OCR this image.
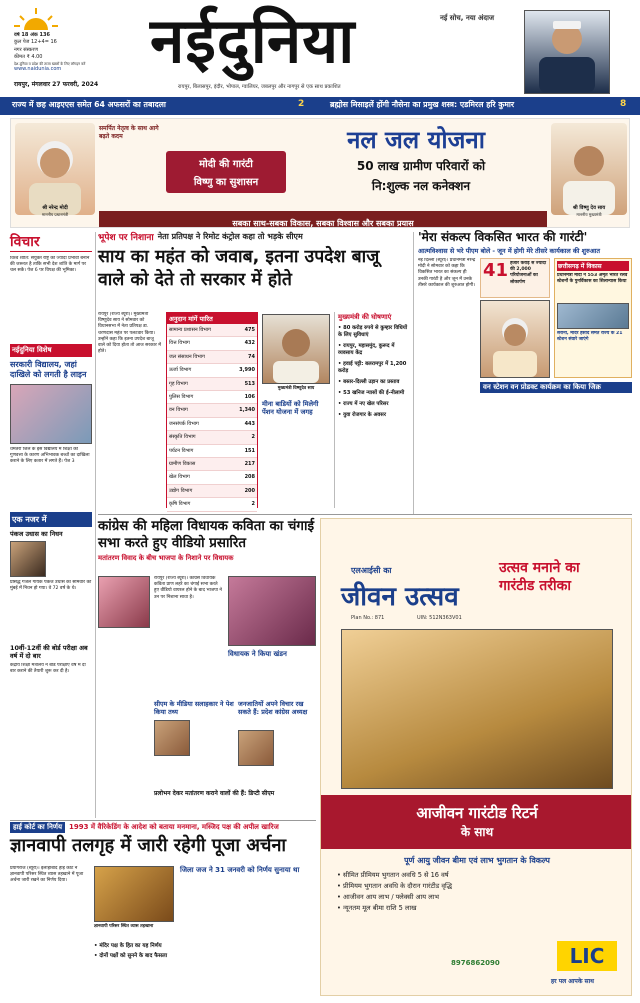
वर्ष 18 अंक 136
कुल पेज 12+4= 16
नगर संस्करण
कीमत ₹ 4.00
देश-दुनिया व प्रदेश की ताजा खबरों के लिए लॉगइन करें
www.naidunia.com
रायपुर, मंगलवार 27 फरवरी, 2024
नईदुनिया	नई सोच, नया अंदाज
रायपुर, बिलासपुर, इंदौर, भोपाल, ग्वालियर, जबलपुर और नागपुर से एक साथ प्रकाशित
राज्य में छह आइएएस समेत 64 अफसरों का तबादला	2	ब्रह्मोस मिसाइलें होंगी नौसेना का प्रमुख शस्त्र: एडमिरल हरि कुमार	8
समर्पित नेतृत्व के साथ आगे बढ़ते कदम
मोदी की गारंटी
विष्णु का सुशासन
नल जल योजना
50 लाख ग्रामीण परिवारों को
नि:शुल्क नल कनेक्शन
श्री नरेन्द्र मोदी
माननीय प्रधानमंत्री
श्री विष्णु देव साय
माननीय मुख्यमंत्री
सबका साथ-सबका विकास, सबका विश्वास और सबका प्रयास
विचार
विश्व शांति: संयुक्त राष्ट्र को ज्यादा प्रभावी बनाने की जरूरत है ताकि सभी देश शांति के मार्ग पर चल सकें। पेज 6 पर विपक्ष की भूमिका।
नईदुनिया विशेष
सरकारी विद्यालय, जहां दाखिले को लगती है लाइन
धमतरी जिले के इस विद्यालय में शिक्षा की गुणवत्ता के कारण अभिभावक बच्चों का दाखिला कराने के लिए कतार में लगते हैं। पेज 3
एक नजर में
पंकज उधास का निधन
प्रसिद्ध गजल गायक पंकज उधास का सोमवार को मुंबई में निधन हो गया। वे 72 वर्ष के थे।
10वीं-12वीं की बोर्ड परीक्षा अब वर्ष में दो बार
केंद्रीय शिक्षा मंत्रालय ने बोर्ड परीक्षाएं वर्ष में दो बार कराने की तैयारी शुरू कर दी है।
भूपेश पर निशाना नेता प्रतिपक्ष ने रिमोट कंट्रोल कहा तो भड़के सीएम
साय का महंत को जवाब, इतना उपदेश बाजू वाले को देते तो सरकार में होते
रायपुर (राज्य ब्यूरो)। मुख्यमंत्री विष्णुदेव साय ने सोमवार को विधानसभा में नेता प्रतिपक्ष डा. चरणदास महंत पर पलटवार किया। उन्होंने कहा कि इतना उपदेश बाजू वाले को दिया होता तो आज सरकार में होते।
अनुदान मांगें पारित
सामान्य प्रशासन विभाग	475
वित्त विभाग	432
जल संसाधन विभाग	74
ऊर्जा विभाग	3,990
गृह विभाग	513
पुलिस विभाग	106
वन विभाग	1,340
जनसंपर्क विभाग	443
संस्कृति विभाग	2
पर्यटन विभाग	151
ग्रामीण विकास	217
खेल विभाग	208
उद्योग विभाग	200
कृषि विभाग	2
मुख्यमंत्री विष्णुदेव साय
मीना बाडियों को मिलेगी पेंशन योजना में जगह
मुख्यमंत्री की घोषणाएं
• 80 करोड़ रुपये से कुम्हार विधियों के लिए सुविधाएं
• रायपुर, महासमुंद, कुरूद में व्यवसाय केंद्र
• हवाई पट्टी: बलरामपुर में 1,200 करोड़
• बस्तर-दिल्ली उड़ान का प्रस्ताव
• 53 खनिज न्यासों की ई-नीलामी
• राज्य में नए खेल परिसर
• युवा रोजगार के अवसर
'मेरा संकल्प विकसित भारत की गारंटी'
आत्मविश्वास से भरे पीएम बोले - जून में होगी मेरे तीसरे कार्यकाल की शुरुआत
नई दिल्ली (ब्यूरो)। प्रधानमंत्री नरेन्द्र मोदी ने सोमवार को कहा कि विकसित भारत का संकल्प ही उनकी गारंटी है और जून में उनके तीसरे कार्यकाल की शुरुआत होगी।
41 हजार करोड़ से ज्यादा की 2,000 परियोजनाओं का लोकार्पण
छत्तीसगढ़ में विकास
प्रधानमंत्री मोदी ने 553 अमृत भारत रेलवे स्टेशनों के पुनर्विकास का शिलान्यास किया
सरोना, मंदिर हसौद समेत राज्य के 21 स्टेशन संवारे जाएंगे
वन स्टेशन वन प्रोडक्ट कार्यक्रम का किया जिक्र
कांग्रेस की महिला विधायक कविता का चंगाई सभा करते हुए वीडियो प्रसारित
मतांतरण विवाद के बीच भाजपा के निशाने पर विधायक
रायपुर (राज्य ब्यूरो)। कांग्रेस विधायक कविता प्राण लहरे का चंगाई सभा करते हुए वीडियो वायरल होने के बाद भाजपा ने उन पर निशाना साधा है।
विधायक ने किया खंडन
सीएम के मीडिया सलाहकार ने पेश किया तथ्य
जनजातियों अपने विचार रख सकते हैं: प्रदेश कांग्रेस अध्यक्ष
प्रलोभन देकर मतांतरण कराने वालों की हैं: डिप्टी सीएम
एलआईसी का
जीवन उत्सव
Plan No.: 871	UIN: 512N363V01
उत्सव मनाने का गारंटीड तरीका
आजीवन गारंटीड रिटर्न
के साथ
पूर्ण आयु जीवन बीमा एवं लाभ भुगतान के विकल्प
• सीमित प्रीमियम भुगतान अवधि 5 से 16 वर्ष
• प्रीमियम भुगतान अवधि के दौरान गारंटीड वृद्धि
• आजीवन आय लाभ / फ्लेक्सी आय लाभ
• न्यूनतम मूल बीमा राशि 5 लाख
LIC
8976862090
हर पल आपके साथ
हाई कोर्ट का निर्णय	1993 में वैरिकेडिंग के आदेश को बताया मनमाना, मस्जिद पक्ष की अपील खारिज
ज्ञानवापी तलगृह में जारी रहेगी पूजा अर्चना
प्रयागराज (ब्यूरो)। इलाहाबाद हाई कोर्ट ने ज्ञानवापी परिसर स्थित व्यास तहखाने में पूजा अर्चना जारी रखने का निर्णय दिया।
ज्ञानवापी परिसर स्थित व्यास तहखाना
• मंदिर पक्ष के हित का यह निर्णय
• दोनों पक्षों को सुनने के बाद फैसला
जिला जज ने 31 जनवरी को निर्णय सुनाया था
